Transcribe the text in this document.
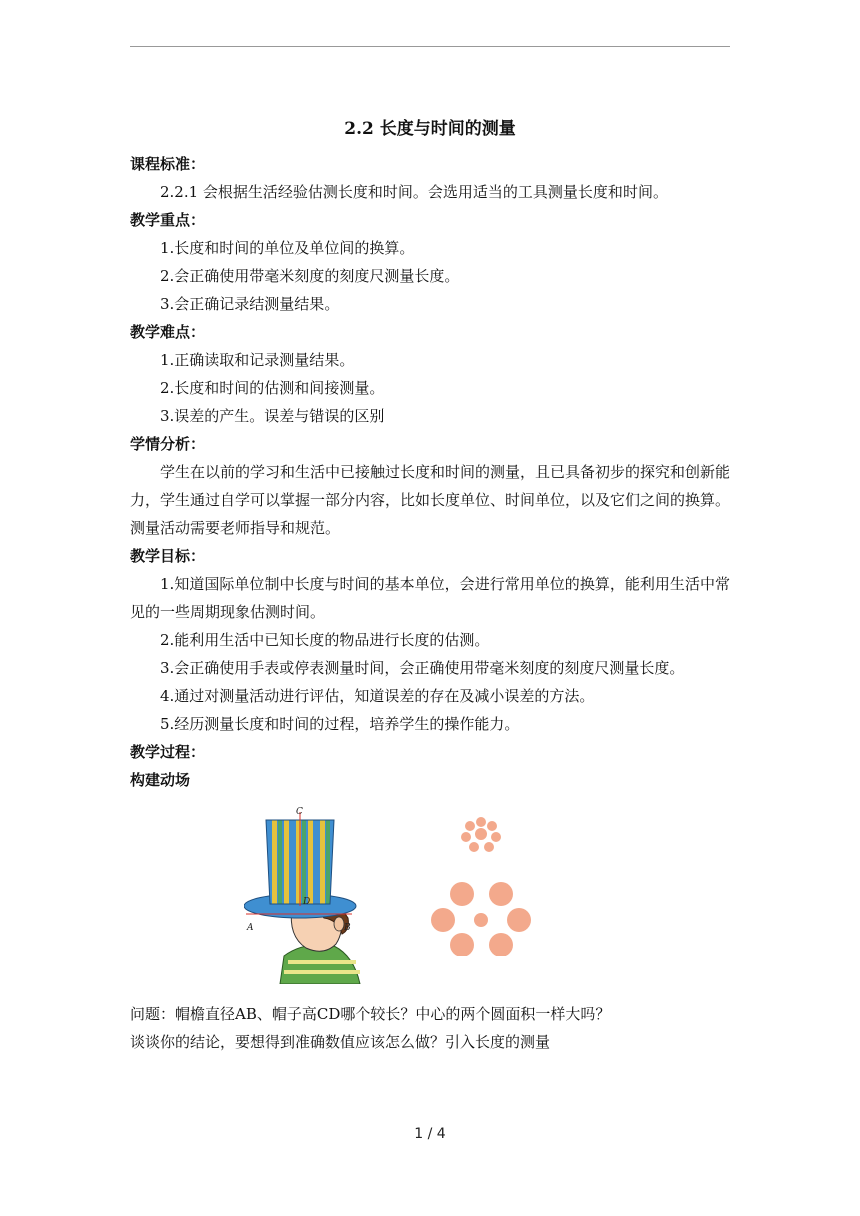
2.2 长度与时间的测量

课程标准：

2.2.1 会根据生活经验估测长度和时间。会选用适当的工具测量长度和时间。

教学重点：

1.长度和时间的单位及单位间的换算。

2.会正确使用带毫米刻度的刻度尺测量长度。

3.会正确记录结测量结果。

教学难点：

1.正确读取和记录测量结果。

2.长度和时间的估测和间接测量。

3.误差的产生。误差与错误的区别

学情分析：

学生在以前的学习和生活中已接触过长度和时间的测量，且已具备初步的探究和创新能力，学生通过自学可以掌握一部分内容，比如长度单位、时间单位，以及它们之间的换算。测量活动需要老师指导和规范。

教学目标：

1.知道国际单位制中长度与时间的基本单位，会进行常用单位的换算，能利用生活中常见的一些周期现象估测时间。

2.能利用生活中已知长度的物品进行长度的估测。

3.会正确使用手表或停表测量时间，会正确使用带毫米刻度的刻度尺测量长度。

4.通过对测量活动进行评估，知道误差的存在及减小误差的方法。

5.经历测量长度和时间的过程，培养学生的操作能力。

教学过程：

构建动场

C
D
A	B

问题：帽檐直径AB、帽子高CD哪个较长？中心的两个圆面积一样大吗？

谈谈你的结论，要想得到准确数值应该怎么做？引入长度的测量

1 / 4
